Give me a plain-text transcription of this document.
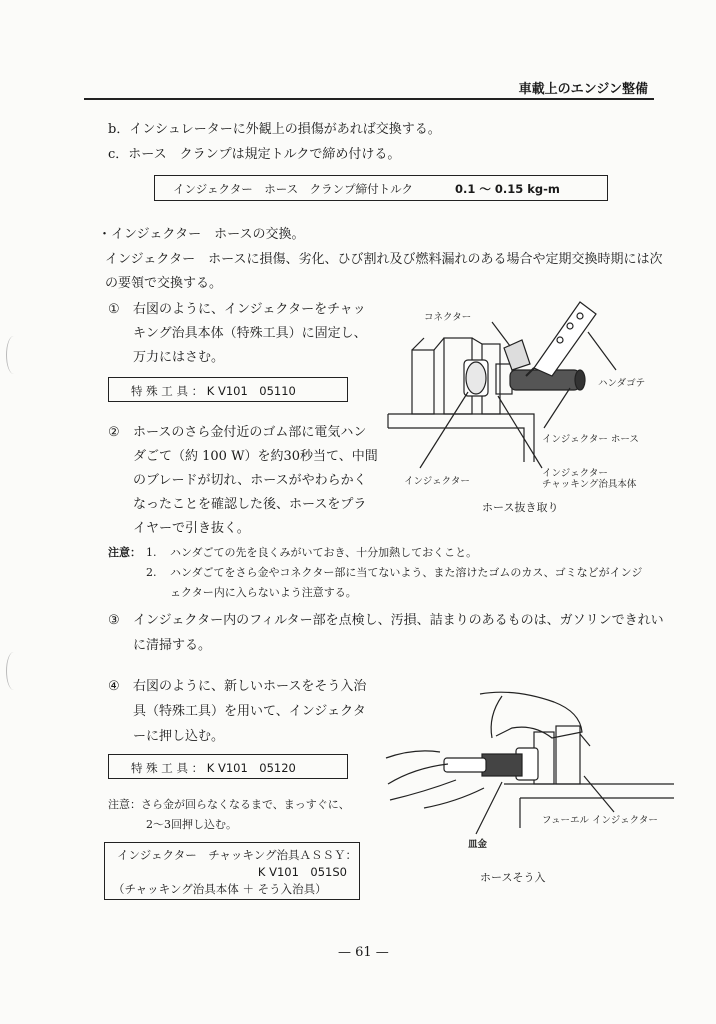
車載上のエンジン整備
b．インシュレーターに外観上の損傷があれば交換する。
c．ホース　クランプは規定トルクで締め付ける。
インジェクター　ホース　クランプ締付トルク	0.1 〜 0.15 kg-m
・インジェクター　ホースの交換。
インジェクター　ホースに損傷、劣化、ひび割れ及び燃料漏れのある場合や定期交換時期には次
の要領で交換する。
① 右図のように、インジェクターをチャッ
キング治具本体（特殊工具）に固定し、
万力にはさむ。
特 殊 工 具 ： K V101　05110
② ホースのさら金付近のゴム部に電気ハン
ダごて（約 100 W）を約30秒当て、中間
のブレードが切れ、ホースがやわらかく
なったことを確認した後、ホースをプラ
イヤーで引き抜く。
コネクター
ハンダゴテ
インジェクター ホース
インジェクター
チャッキング治具本体
インジェクター
ホース抜き取り
注意： 1. ハンダごての先を良くみがいておき、十分加熱しておくこと。
2. ハンダごてをさら金やコネクター部に当てないよう、また溶けたゴムのカス、ゴミなどがインジ
ェクター内に入らないよう注意する。
③ インジェクター内のフィルター部を点検し、汚損、詰まりのあるものは、ガソリンできれい
に清掃する。
④ 右図のように、新しいホースをそう入治
具（特殊工具）を用いて、インジェクタ
ーに押し込む。
特 殊 工 具 ： K V101　05120
注意：さら金が回らなくなるまで、まっすぐに、
2〜3回押し込む。
インジェクター　チャッキング治具ＡＳＳＹ：
K V101　051S0
（チャッキング治具本体 ＋ そう入治具）
皿金
フューエル インジェクター
ホースそう入
— 61 —
